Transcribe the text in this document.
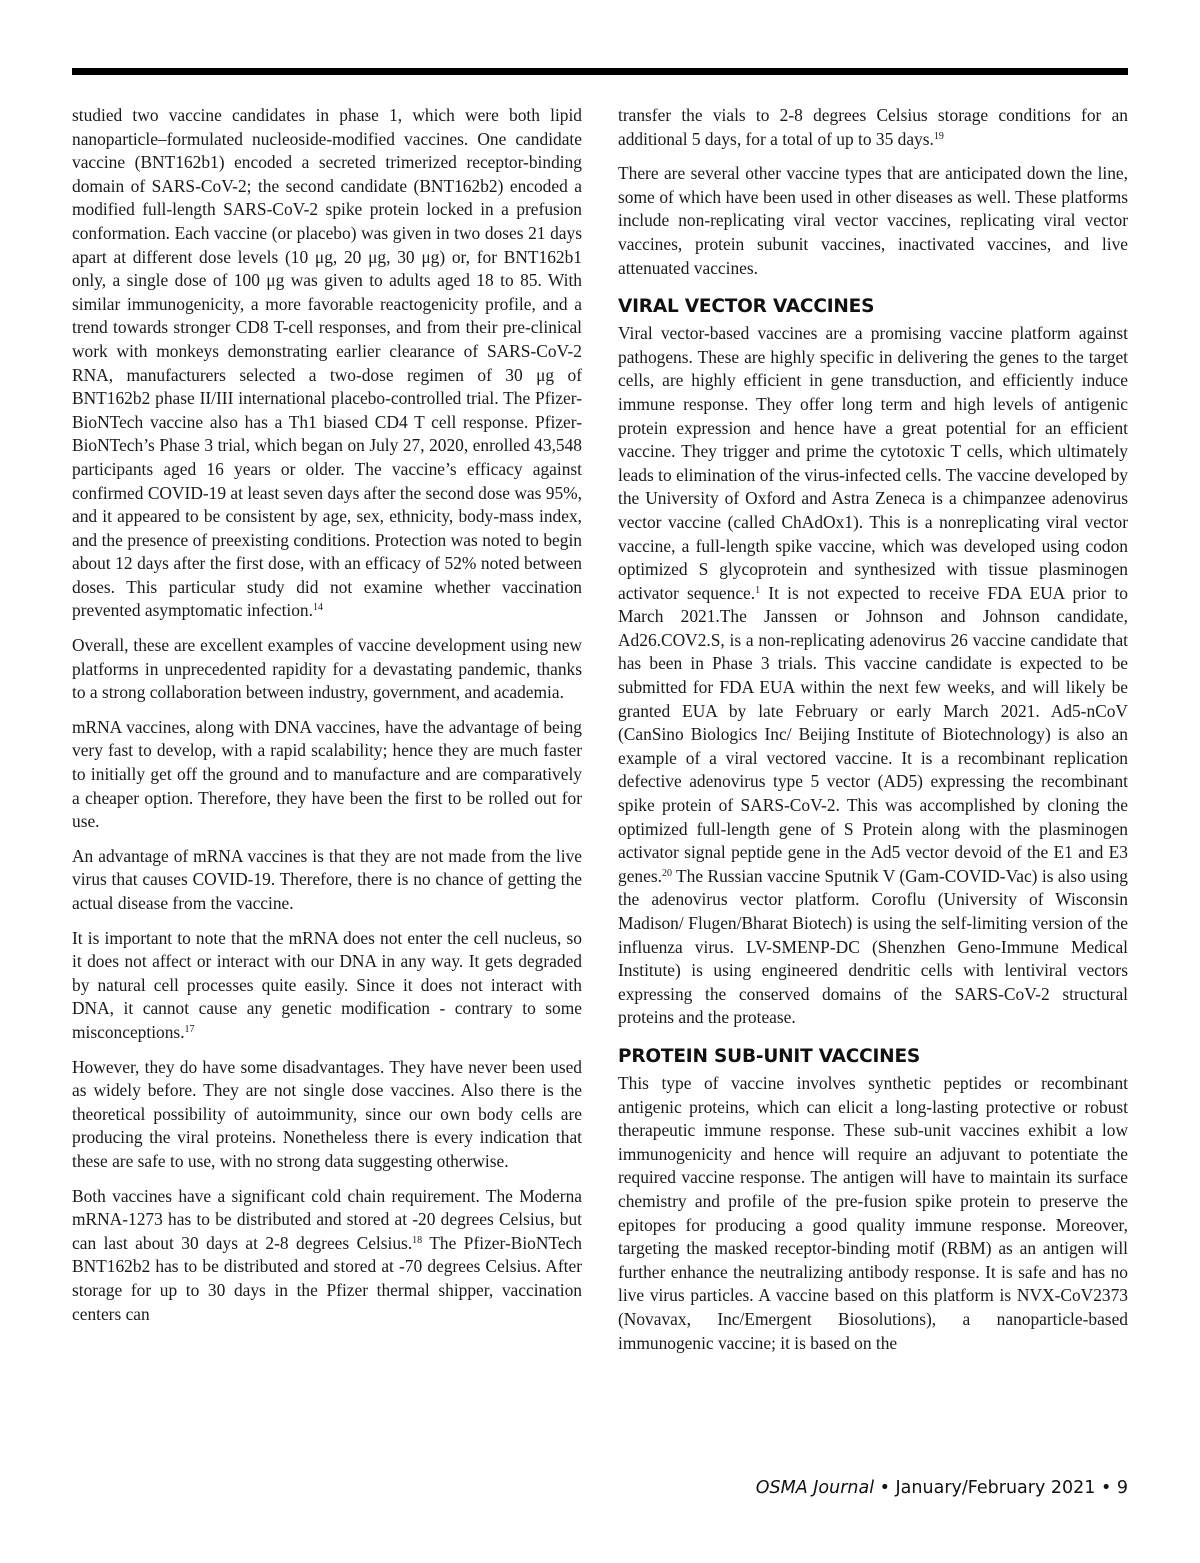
studied two vaccine candidates in phase 1, which were both lipid nanoparticle–formulated nucleoside-modified vaccines. One candidate vaccine (BNT162b1) encoded a secreted trimerized receptor-binding domain of SARS-CoV-2; the second candidate (BNT162b2) encoded a modified full-length SARS-CoV-2 spike protein locked in a prefusion conformation. Each vaccine (or placebo) was given in two doses 21 days apart at different dose levels (10 μg, 20 μg, 30 μg) or, for BNT162b1 only, a single dose of 100 μg was given to adults aged 18 to 85. With similar immunogenicity, a more favorable reactogenicity profile, and a trend towards stronger CD8 T-cell responses, and from their pre-clinical work with monkeys demonstrating earlier clearance of SARS-CoV-2 RNA, manufacturers selected a two-dose regimen of 30 μg of BNT162b2 phase II/III international placebo-controlled trial. The Pfizer-BioNTech vaccine also has a Th1 biased CD4 T cell response. Pfizer-BioNTech’s Phase 3 trial, which began on July 27, 2020, enrolled 43,548 participants aged 16 years or older. The vaccine’s efficacy against confirmed COVID-19 at least seven days after the second dose was 95%, and it appeared to be consistent by age, sex, ethnicity, body-mass index, and the presence of preexisting conditions. Protection was noted to begin about 12 days after the first dose, with an efficacy of 52% noted between doses. This particular study did not examine whether vaccination prevented asymptomatic infection.$^{14}$

Overall, these are excellent examples of vaccine development using new platforms in unprecedented rapidity for a devastating pandemic, thanks to a strong collaboration between industry, government, and academia.

mRNA vaccines, along with DNA vaccines, have the advantage of being very fast to develop, with a rapid scalability; hence they are much faster to initially get off the ground and to manufacture and are comparatively a cheaper option. Therefore, they have been the first to be rolled out for use.

An advantage of mRNA vaccines is that they are not made from the live virus that causes COVID-19. Therefore, there is no chance of getting the actual disease from the vaccine.

It is important to note that the mRNA does not enter the cell nucleus, so it does not affect or interact with our DNA in any way. It gets degraded by natural cell processes quite easily. Since it does not interact with DNA, it cannot cause any genetic modification - contrary to some misconceptions.$^{17}$

However, they do have some disadvantages. They have never been used as widely before. They are not single dose vaccines. Also there is the theoretical possibility of autoimmunity, since our own body cells are producing the viral proteins. Nonetheless there is every indication that these are safe to use, with no strong data suggesting otherwise.

Both vaccines have a significant cold chain requirement. The Moderna mRNA-1273 has to be distributed and stored at -20 degrees Celsius, but can last about 30 days at 2-8 degrees Celsius.$^{18}$ The Pfizer-BioNTech BNT162b2 has to be distributed and stored at -70 degrees Celsius. After storage for up to 30 days in the Pfizer thermal shipper, vaccination centers can

transfer the vials to 2-8 degrees Celsius storage conditions for an additional 5 days, for a total of up to 35 days.$^{19}$

There are several other vaccine types that are anticipated down the line, some of which have been used in other diseases as well. These platforms include non-replicating viral vector vaccines, replicating viral vector vaccines, protein subunit vaccines, inactivated vaccines, and live attenuated vaccines.

VIRAL VECTOR VACCINES

Viral vector-based vaccines are a promising vaccine platform against pathogens. These are highly specific in delivering the genes to the target cells, are highly efficient in gene transduction, and efficiently induce immune response. They offer long term and high levels of antigenic protein expression and hence have a great potential for an efficient vaccine. They trigger and prime the cytotoxic T cells, which ultimately leads to elimination of the virus-infected cells. The vaccine developed by the University of Oxford and Astra Zeneca is a chimpanzee adenovirus vector vaccine (called ChAdOx1). This is a nonreplicating viral vector vaccine, a full-length spike vaccine, which was developed using codon optimized S glycoprotein and synthesized with tissue plasminogen activator sequence.$^1$ It is not expected to receive FDA EUA prior to March 2021.The Janssen or Johnson and Johnson candidate, Ad26.COV2.S, is a non-replicating adenovirus 26 vaccine candidate that has been in Phase 3 trials. This vaccine candidate is expected to be submitted for FDA EUA within the next few weeks, and will likely be granted EUA by late February or early March 2021. Ad5-nCoV (CanSino Biologics Inc/ Beijing Institute of Biotechnology) is also an example of a viral vectored vaccine. It is a recombinant replication defective adenovirus type 5 vector (AD5) expressing the recombinant spike protein of SARS-CoV-2. This was accomplished by cloning the optimized full-length gene of S Protein along with the plasminogen activator signal peptide gene in the Ad5 vector devoid of the E1 and E3 genes.$^{20}$ The Russian vaccine Sputnik V (Gam-COVID-Vac) is also using the adenovirus vector platform. Coroflu (University of Wisconsin Madison/ Flugen/Bharat Biotech) is using the self-limiting version of the influenza virus. LV-SMENP-DC (Shenzhen Geno-Immune Medical Institute) is using engineered dendritic cells with lentiviral vectors expressing the conserved domains of the SARS-CoV-2 structural proteins and the protease.

PROTEIN SUB-UNIT VACCINES

This type of vaccine involves synthetic peptides or recombinant antigenic proteins, which can elicit a long-lasting protective or robust therapeutic immune response. These sub-unit vaccines exhibit a low immunogenicity and hence will require an adjuvant to potentiate the required vaccine response. The antigen will have to maintain its surface chemistry and profile of the pre-fusion spike protein to preserve the epitopes for producing a good quality immune response. Moreover, targeting the masked receptor-binding motif (RBM) as an antigen will further enhance the neutralizing antibody response. It is safe and has no live virus particles. A vaccine based on this platform is NVX-CoV2373 (Novavax, Inc/Emergent Biosolutions), a nanoparticle-based immunogenic vaccine; it is based on the

OSMA Journal • January/February 2021 • 9
